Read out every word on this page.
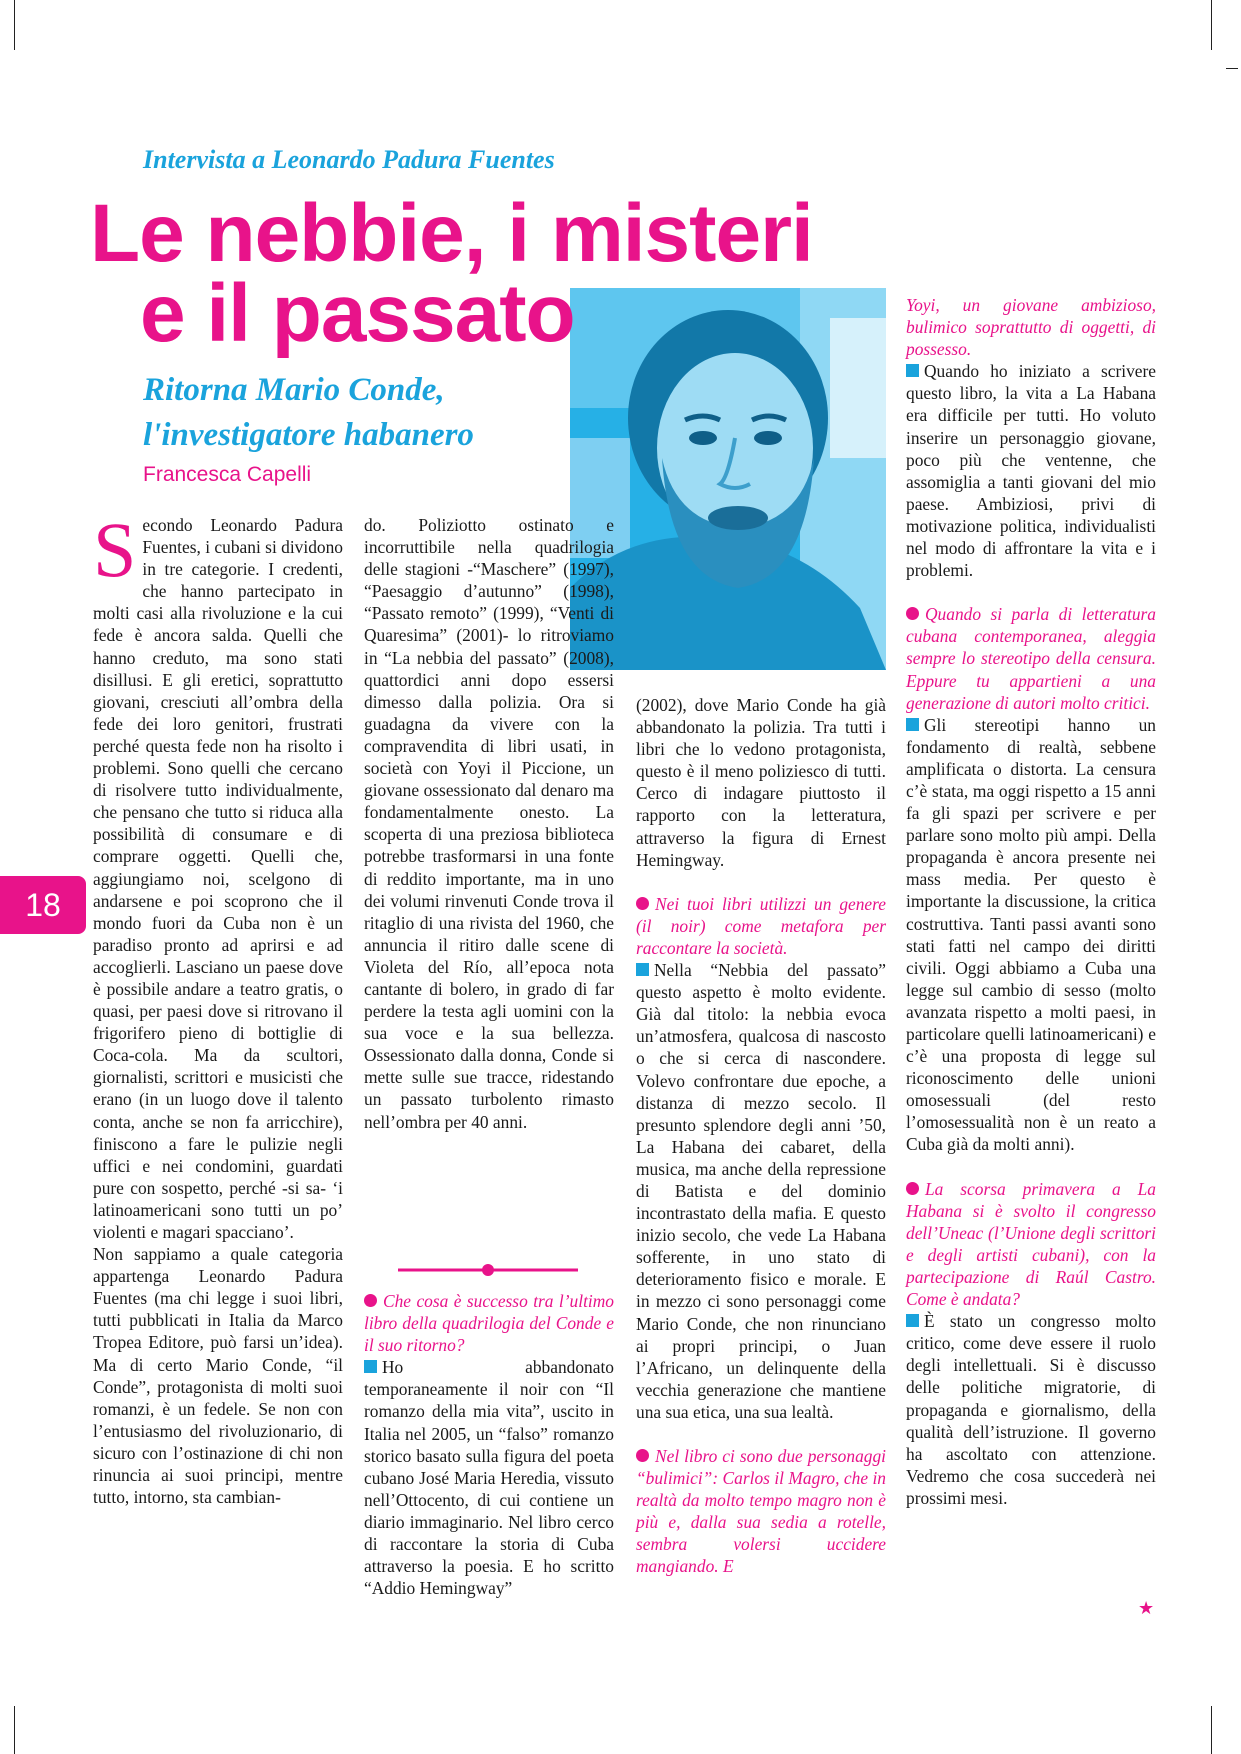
18
Intervista a Leonardo Padura Fuentes
Le nebbie, i misteri
e il passato
Ritorna Mario Conde,
l'investigatore habanero
Francesca Capelli

Secondo Leonardo Padura Fuentes, i cubani si dividono in tre categorie. I credenti, che hanno partecipato in molti casi alla rivoluzione e la cui fede è ancora salda. Quelli che hanno creduto, ma sono stati disillusi. E gli eretici, soprattutto giovani, cresciuti all’ombra della fede dei loro genitori, frustrati perché questa fede non ha risolto i problemi. Sono quelli che cercano di risolvere tutto individualmente, che pensano che tutto si riduca alla possibilità di consumare e di comprare oggetti. Quelli che, aggiungiamo noi, scelgono di andarsene e poi scoprono che il mondo fuori da Cuba non è un paradiso pronto ad aprirsi e ad accoglierli. Lasciano un paese dove è possibile andare a teatro gratis, o quasi, per paesi dove si ritrovano il frigorifero pieno di bottiglie di Coca-cola. Ma da scultori, giornalisti, scrittori e musicisti che erano (in un luogo dove il talento conta, anche se non fa arricchire), finiscono a fare le pulizie negli uffici e nei condomini, guardati pure con sospetto, perché -si sa- ‘i latinoamericani sono tutti un po’ violenti e magari spacciano’.

Non sappiamo a quale categoria appartenga Leonardo Padura Fuentes (ma chi legge i suoi libri, tutti pubblicati in Italia da Marco Tropea Editore, può farsi un’idea). Ma di certo Mario Conde, “il Conde”, protagonista di molti suoi romanzi, è un fedele. Se non con l’entusiasmo del rivoluzionario, di sicuro con l’ostinazione di chi non rinuncia ai suoi principi, mentre tutto, intorno, sta cambian-

do. Poliziotto ostinato e incorruttibile nella quadrilogia delle stagioni -“Maschere” (1997), “Paesaggio d’autunno” (1998), “Passato remoto” (1999), “Venti di Quaresima” (2001)- lo ritroviamo in “La nebbia del passato” (2008), quattordici anni dopo essersi dimesso dalla polizia. Ora si guadagna da vivere con la compravendita di libri usati, in società con Yoyi il Piccione, un giovane ossessionato dal denaro ma fondamentalmente onesto. La scoperta di una preziosa biblioteca potrebbe trasformarsi in una fonte di reddito importante, ma in uno dei volumi rinvenuti Conde trova il ritaglio di una rivista del 1960, che annuncia il ritiro dalle scene di Violeta del Río, all’epoca nota cantante di bolero, in grado di far perdere la testa agli uomini con la sua voce e la sua bellezza. Ossessionato dalla donna, Conde si mette sulle sue tracce, ridestando un passato turbolento rimasto nell’ombra per 40 anni.

Che cosa è successo tra l’ultimo libro della quadrilogia del Conde e il suo ritorno?

Ho abbandonato temporaneamente il noir con “Il romanzo della mia vita”, uscito in Italia nel 2005, un “falso” romanzo storico basato sulla figura del poeta cubano José Maria Heredia, vissuto nell’Ottocento, di cui contiene un diario immaginario. Nel libro cerco di raccontare la storia di Cuba attraverso la poesia. E ho scritto “Addio Hemingway”

(2002), dove Mario Conde ha già abbandonato la polizia. Tra tutti i libri che lo vedono protagonista, questo è il meno poliziesco di tutti. Cerco di indagare piuttosto il rapporto con la letteratura, attraverso la figura di Ernest Hemingway.

Nei tuoi libri utilizzi un genere (il noir) come metafora per raccontare la società.

Nella “Nebbia del passato” questo aspetto è molto evidente. Già dal titolo: la nebbia evoca un’atmosfera, qualcosa di nascosto o che si cerca di nascondere. Volevo confrontare due epoche, a distanza di mezzo secolo. Il presunto splendore degli anni ’50, La Habana dei cabaret, della musica, ma anche della repressione di Batista e del dominio incontrastato della mafia. E questo inizio secolo, che vede La Habana sofferente, in uno stato di deterioramento fisico e morale. E in mezzo ci sono personaggi come Mario Conde, che non rinunciano ai propri principi, o Juan l’Africano, un delinquente della vecchia generazione che mantiene una sua etica, una sua lealtà.

Nel libro ci sono due personaggi “bulimici”: Carlos il Magro, che in realtà da molto tempo magro non è più e, dalla sua sedia a rotelle, sembra volersi uccidere mangiando. E

Yoyi, un giovane ambizioso, bulimico soprattutto di oggetti, di possesso.

Quando ho iniziato a scrivere questo libro, la vita a La Habana era difficile per tutti. Ho voluto inserire un personaggio giovane, poco più che ventenne, che assomiglia a tanti giovani del mio paese. Ambiziosi, privi di motivazione politica, individualisti nel modo di affrontare la vita e i problemi.

Quando si parla di letteratura cubana contemporanea, aleggia sempre lo stereotipo della censura. Eppure tu appartieni a una generazione di autori molto critici.

Gli stereotipi hanno un fondamento di realtà, sebbene amplificata o distorta. La censura c’è stata, ma oggi rispetto a 15 anni fa gli spazi per scrivere e per parlare sono molto più ampi. Della propaganda è ancora presente nei mass media. Per questo è importante la discussione, la critica costruttiva. Tanti passi avanti sono stati fatti nel campo dei diritti civili. Oggi abbiamo a Cuba una legge sul cambio di sesso (molto avanzata rispetto a molti paesi, in particolare quelli latinoamericani) e c’è una proposta di legge sul riconoscimento delle unioni omosessuali (del resto l’omosessualità non è un reato a Cuba già da molti anni).

La scorsa primavera a La Habana si è svolto il congresso dell’Uneac (l’Unione degli scrittori e degli artisti cubani), con la partecipazione di Raúl Castro. Come è andata?

È stato un congresso molto critico, come deve essere il ruolo degli intellettuali. Si è discusso delle politiche migratorie, di propaganda e giornalismo, della qualità dell’istruzione. Il governo ha ascoltato con attenzione. Vedremo che cosa succederà nei prossimi mesi.

★
